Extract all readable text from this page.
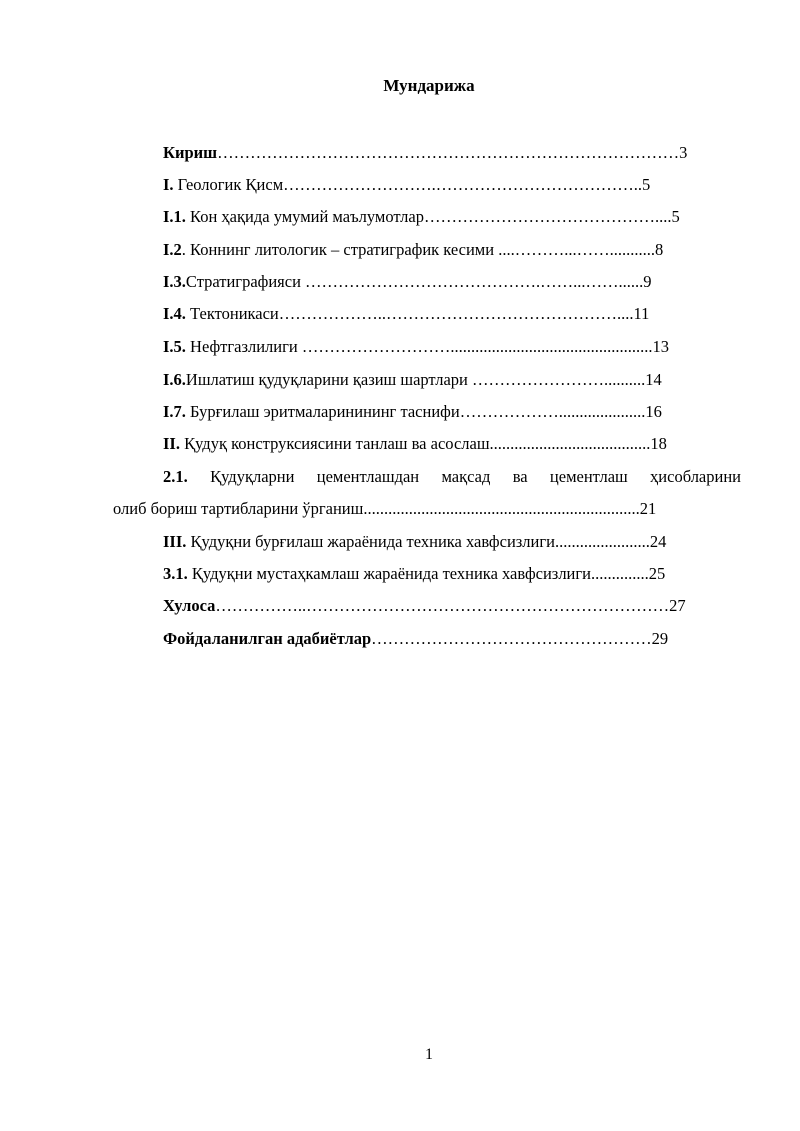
Мундарижа
Кириш…………………………………………………………………………3
I. Геологик Қисм……………………….………………………………..5
I.1. Кон ҳақида умумий маълумотлар……………………………………....5
I.2. Коннинг литологик – стратиграфик кесими ....………...……...........8
I.3.Стратиграфияси …………………………………….……...……......9
I.4. Тектоникаси………………..……………………………………....11
I.5. Нефтгазлилиги ……………………….................................................13
I.6.Ишлатиш қудуқларини қазиш шартлари ……………………..........14
I.7. Бурғилаш эритмаларинининг таснифи……………….....................16
II. Қудуқ конструксиясини танлаш ва асослаш.......................................18
2.1. Қудуқларни цементлашдан мақсад ва цементлаш ҳисобларини
олиб бориш тартибларини ўрганиш...................................................................21
III. Қудуқни бурғилаш жараёнида техника хавфсизлиги.......................24
3.1. Қудуқни мустаҳкамлаш жараёнида техника хавфсизлиги..............25
Хулоса……………..…………………………………………………………27
Фойдаланилган адабиётлар……………………………………………29
1
